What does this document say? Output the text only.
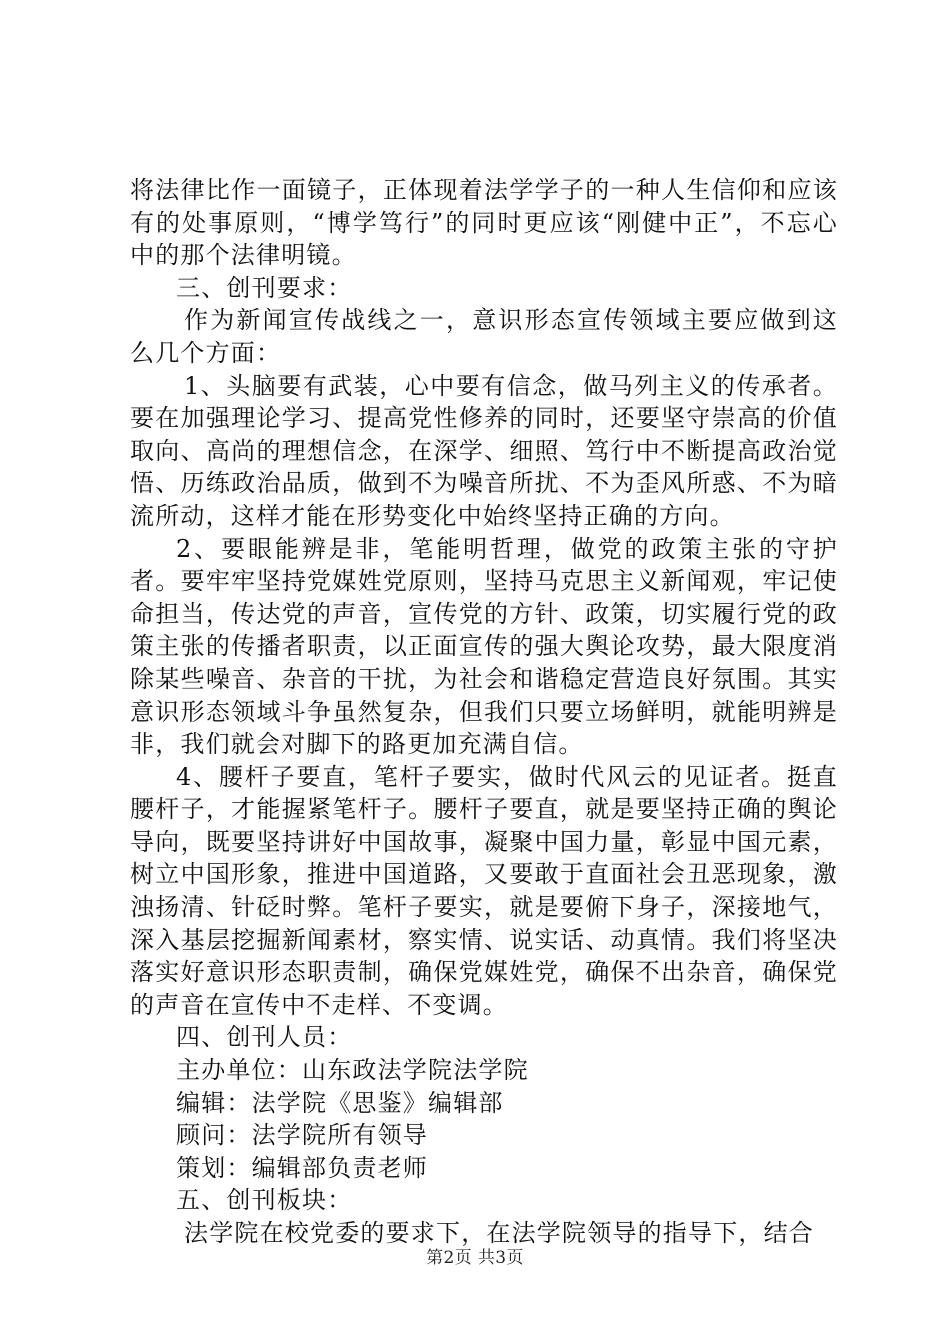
将法律比作一面镜子，正体现着法学学子的一种人生信仰和应该有的处事原则，“博学笃行”的同时更应该“刚健中正”，不忘心中的那个法律明镜。

三、创刊要求：

作为新闻宣传战线之一，意识形态宣传领域主要应做到这么几个方面：

1、头脑要有武装，心中要有信念，做马列主义的传承者。要在加强理论学习、提高党性修养的同时，还要坚守崇高的价值取向、高尚的理想信念，在深学、细照、笃行中不断提高政治觉悟、历练政治品质，做到不为噪音所扰、不为歪风所惑、不为暗流所动，这样才能在形势变化中始终坚持正确的方向。

2、要眼能辨是非，笔能明哲理，做党的政策主张的守护者。要牢牢坚持党媒姓党原则，坚持马克思主义新闻观，牢记使命担当，传达党的声音，宣传党的方针、政策，切实履行党的政策主张的传播者职责，以正面宣传的强大舆论攻势，最大限度消除某些噪音、杂音的干扰，为社会和谐稳定营造良好氛围。其实意识形态领域斗争虽然复杂，但我们只要立场鲜明，就能明辨是非，我们就会对脚下的路更加充满自信。

4、腰杆子要直，笔杆子要实，做时代风云的见证者。挺直腰杆子，才能握紧笔杆子。腰杆子要直，就是要坚持正确的舆论导向，既要坚持讲好中国故事，凝聚中国力量，彰显中国元素，树立中国形象，推进中国道路，又要敢于直面社会丑恶现象，激浊扬清、针砭时弊。笔杆子要实，就是要俯下身子，深接地气，深入基层挖掘新闻素材，察实情、说实话、动真情。我们将坚决落实好意识形态职责制，确保党媒姓党，确保不出杂音，确保党的声音在宣传中不走样、不变调。

四、创刊人员：

主办单位：山东政法学院法学院

编辑：法学院《思鉴》编辑部

顾问：法学院所有领导

策划：编辑部负责老师

五、创刊板块：

法学院在校党委的要求下，在法学院领导的指导下，结合

第2页 共3页
